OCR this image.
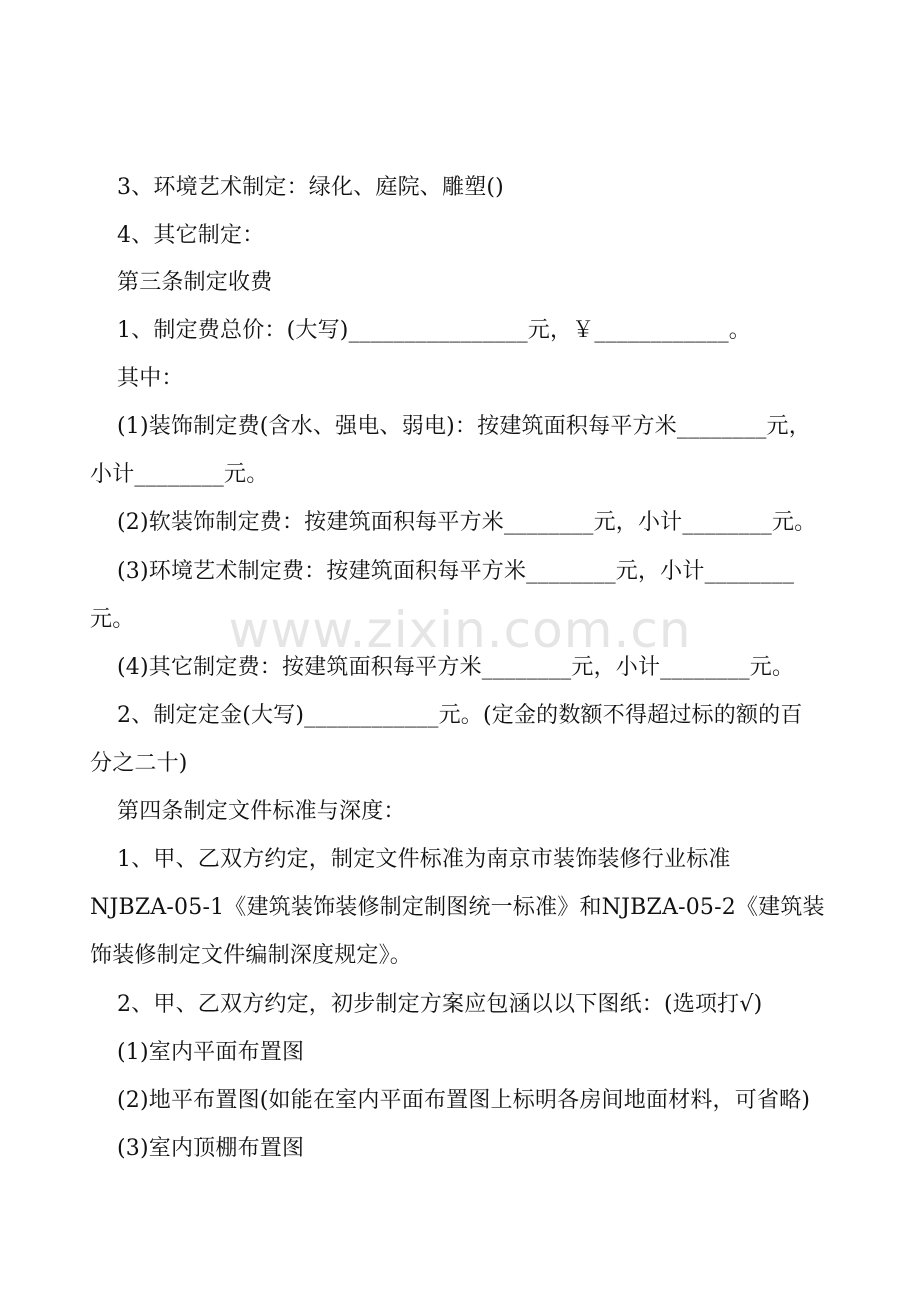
www.zixin.com.cn
3、环境艺术制定：绿化、庭院、雕塑()
4、其它制定：
第三条制定收费
1、制定费总价：(大写)________________元，￥____________。
其中：
(1)装饰制定费(含水、强电、弱电)：按建筑面积每平方米________元，
小计________元。
(2)软装饰制定费：按建筑面积每平方米________元，小计________元。
(3)环境艺术制定费：按建筑面积每平方米________元，小计________
元。
(4)其它制定费：按建筑面积每平方米________元，小计________元。
2、制定定金(大写)____________元。(定金的数额不得超过标的额的百
分之二十)
第四条制定文件标准与深度：
1、甲、乙双方约定，制定文件标准为南京市装饰装修行业标准
NJBZA-05-1《建筑装饰装修制定制图统一标准》和NJBZA-05-2《建筑装
饰装修制定文件编制深度规定》。
2、甲、乙双方约定，初步制定方案应包涵以以下图纸：(选项打√)
(1)室内平面布置图
(2)地平布置图(如能在室内平面布置图上标明各房间地面材料，可省略)
(3)室内顶棚布置图
